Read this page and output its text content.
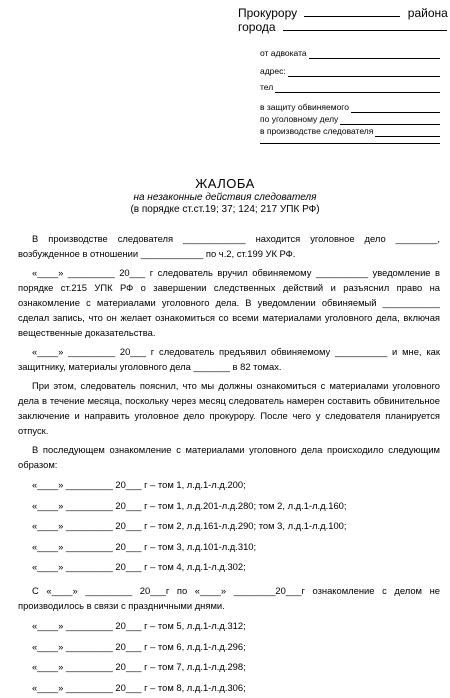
Прокурору	района
города
от адвоката
адрес:
тел
в защиту обвиняемого
по уголовному делу
в производстве следователя
ЖАЛОБА
на незаконные действия следователя
(в порядке ст.ст.19; 37; 124; 217 УПК РФ)

В производстве следователя ____________ находится уголовное дело ________, возбужденное в отношении ____________ по ч.2, ст.199 УК РФ.

«____» _________ 20___ г следователь вручил обвиняемому __________ уведомление в порядке ст.215 УПК РФ о завершении следственных действий и разъяснил право на ознакомление с материалами уголовного дела. В уведомлении обвиняемый ___________ сделал запись, что он желает ознакомиться со всеми материалами уголовного дела, включая вещественные доказательства.

«____» _________ 20___ г следователь предъявил обвиняемому __________ и мне, как защитнику, материалы уголовного дела _______ в 82 томах.

При этом, следователь пояснил, что мы должны ознакомиться с материалами уголовного дела в течение месяца, поскольку через месяц следователь намерен составить обвинительное заключение и направить уголовное дело прокурору. После чего у следователя планируется отпуск.

В последующем ознакомление с материалами уголовного дела происходило следующим образом:

«____» _________ 20___ г – том 1, л.д.1-л.д.200;

«____» _________ 20___ г – том 1, л.д.201-л.д.280; том 2, л.д.1-л.д.160;

«____» _________ 20___ г – том 2, л.д.161-л.д.290; том 3, л.д.1-л.д.100;

«____» _________ 20___ г – том 3, л.д.101-л.д.310;

«____» _________ 20___ г – том 4, л.д.1-л.д.302;

С «____» _________ 20___г по «____» ________20___г ознакомление с делом не производилось в связи с праздничными днями.

«____» _________ 20___ г – том 5, л.д.1-л.д.312;

«____» _________ 20___ г – том 6, л.д.1-л.д.296;

«____» _________ 20___ г – том 7, л.д.1-л.д.298;

«____» _________ 20___ г – том 8, л.д.1-л.д.306;
